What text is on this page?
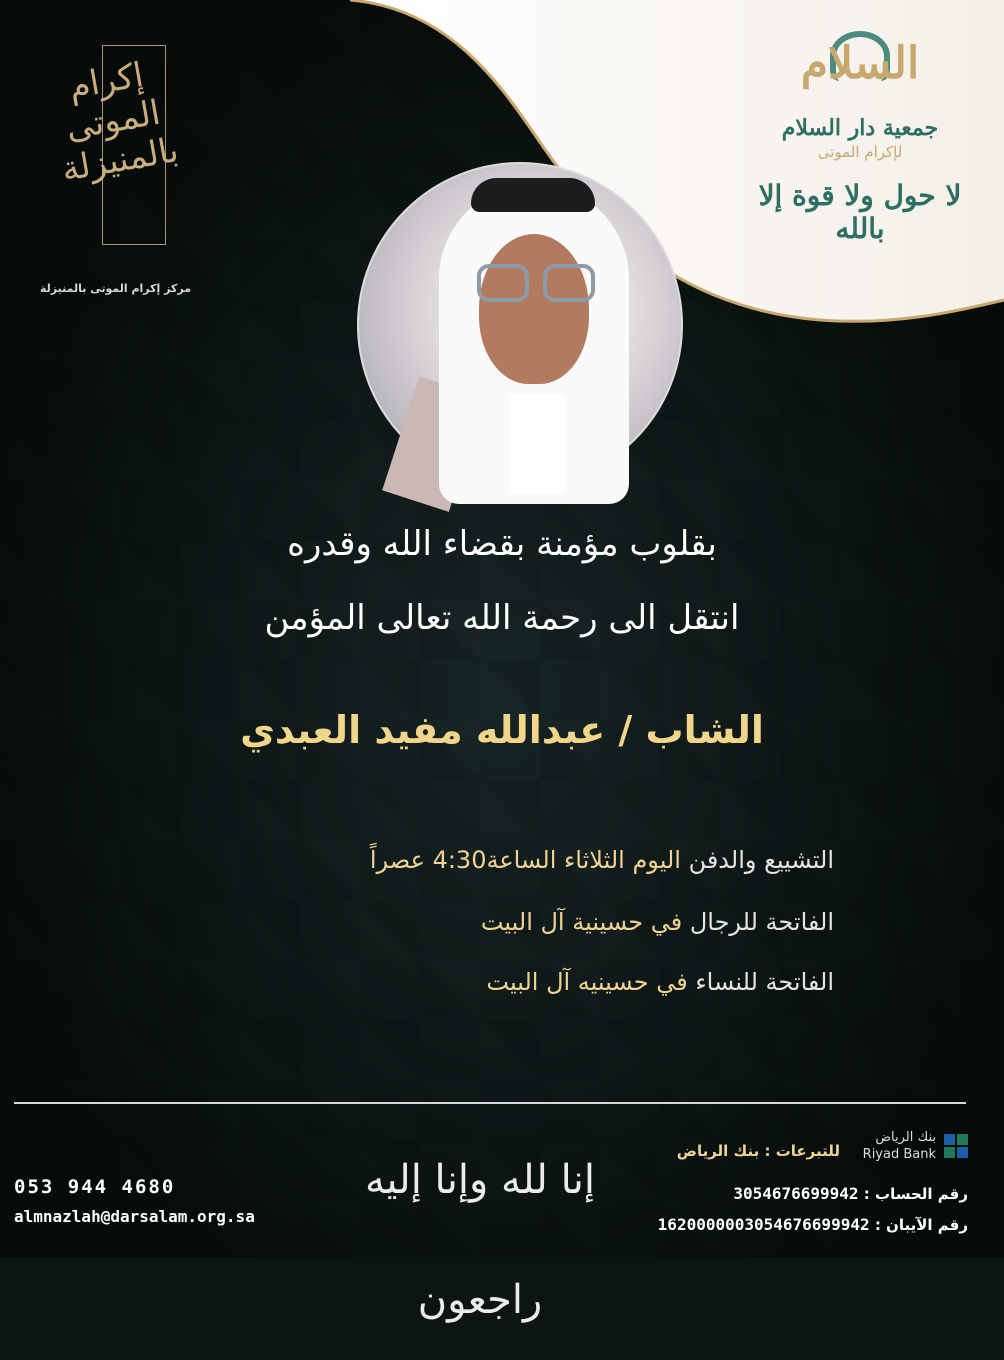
إكرام الموتى بالمنيزلة
مركز إكرام الموتى بالمنيزلة
السلام
جمعية دار السلام
لإكرام الموتى
لا حول ولا قوة إلا بالله
بقلوب مؤمنة بقضاء الله وقدره
انتقل الى رحمة الله تعالى المؤمن
الشاب / عبدالله مفيد العبدي
التشييع والدفن اليوم الثلاثاء الساعة4:30 عصراً
الفاتحة للرجال في حسينية آل البيت
الفاتحة للنساء في حسينيه آل البيت
053 944 4680
almnazlah@darsalam.org.sa
إنا لله وإنا إليه راجعون
بنك الرياض
Riyad Bank
للتبرعات : بنك الرياض
رقم الحساب : 3054676699942
رقم الآيبان : 1620000003054676699942
